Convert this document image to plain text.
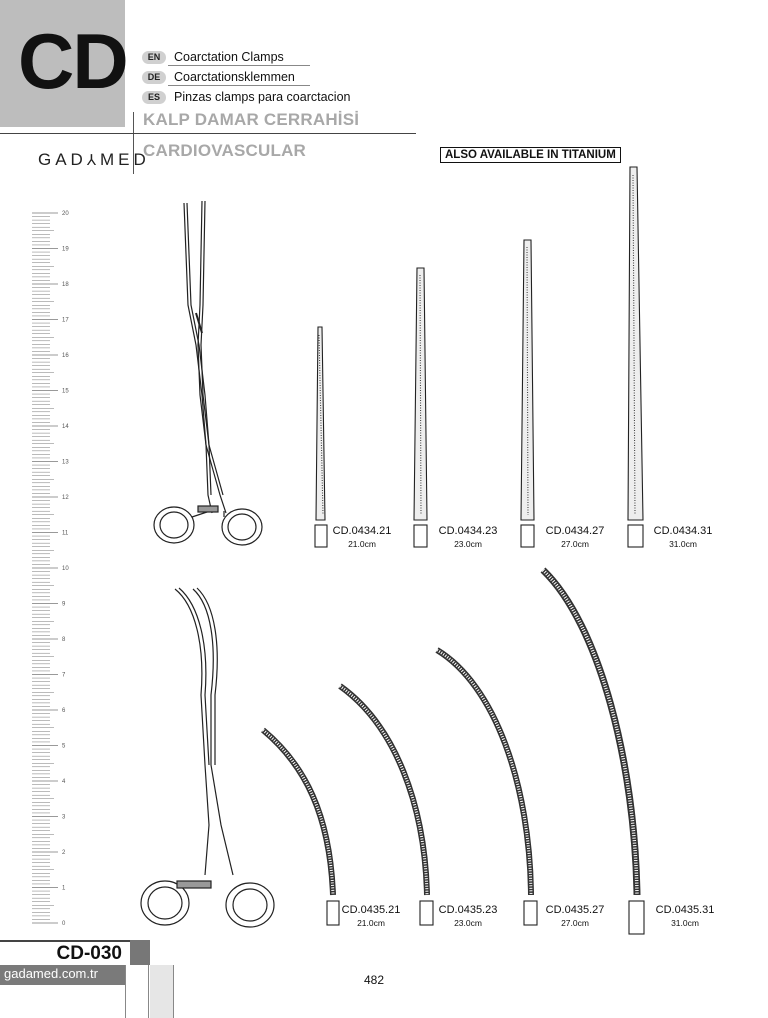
CD	EN	Coarctation Clamps
DE	Coarctationsklemmen
ES	Pinzas clamps para coarctacion
KALP DAMAR CERRAHİSİ
CARDIOVASCULAR
GAD⅄MED	ALSO AVAILABLE IN TITANIUM
0
1
2
3
4
5
6
7
8
9
10
11
12
13
14
15
16
17
18
19
20
CD.0434.21
21.0cm
CD.0434.23
23.0cm
CD.0434.27
27.0cm
CD.0434.31
31.0cm
CD.0435.21
21.0cm
CD.0435.23
23.0cm
CD.0435.27
27.0cm
CD.0435.31
31.0cm
CD-030
gadamed.com.tr	482
